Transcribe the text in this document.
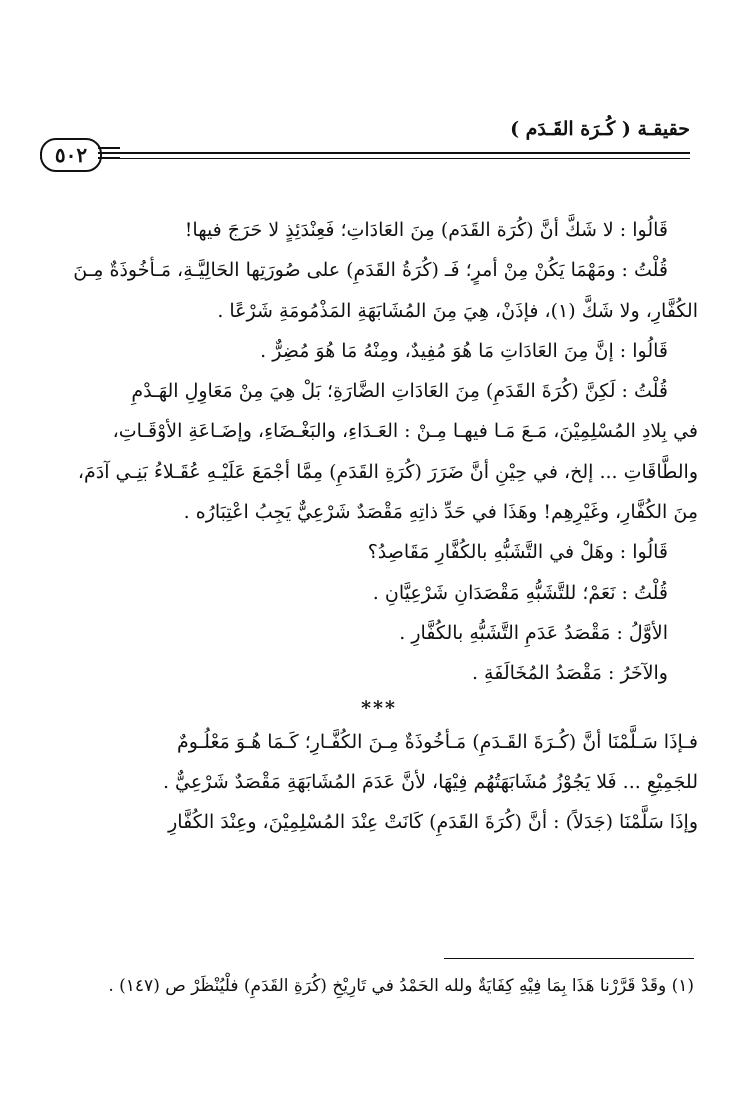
حقيقـة ( كُـرَة القَـدَم )
٥٠٢
قَالُوا : لا شَكَّ أنَّ (كُرَة القَدَم) مِنَ العَادَاتِ؛ فَعِنْدَئِذٍ لا حَرَجَ فيها!
قُلْتُ : ومَهْمَا يَكُنْ مِنْ أمرٍ؛ فَـ (كُرَةُ القَدَمِ) على صُورَتِها الحَالِيَّـةِ، مَـأخُوذَةٌ مِـنَ
الكُفَّارِ، ولا شَكَّ (١)، فإذَنْ، هِيَ مِنَ المُشَابَهَةِ المَذْمُومَةِ شَرْعًا .
قَالُوا : إنَّ مِنَ العَادَاتِ مَا هُوَ مُفِيدٌ، ومِنْهُ مَا هُوَ مُضِرٌّ .
قُلْتُ : لَكِنَّ (كُرَةَ القَدَمِ) مِنَ العَادَاتِ الضَّارَةِ؛ بَلْ هِيَ مِنْ مَعَاوِلِ الهَـدْمِ
في بِلادِ المُسْلِمِيْنَ، مَـعَ مَـا فيهـا مِـنْ : العَـدَاءِ، والبَغْـضَاءِ، وإضَـاعَةِ الأوْقَـاتِ،
والطَّاقَاتِ ... إلخ، في حِيْنِ أنَّ ضَرَرَ (كُرَةِ القَدَمِ) مِمَّا أجْمَعَ عَلَيْـهِ عُقَـلاءُ بَنِـي آدَمَ،
مِنَ الكُفَّارِ، وغَيْرِهِم! وهَذَا في حَدِّ ذاتِهِ مَقْصَدٌ شَرْعِيٌّ يَجِبُ اعْتِبَارُه .
قَالُوا : وهَلْ في التَّشَبُّهِ بالكُفَّارِ مَقَاصِدُ؟
قُلْتُ : نَعَمْ؛ للتَّشَبُّهِ مَقْصَدَانِ شَرْعِيَّانِ .
الأوَّلُ : مَقْصَدُ عَدَمِ التَّشَبُّهِ بالكُفَّارِ .
والآخَرُ : مَقْصَدُ المُخَالَفَةِ .
***
فـإذَا سَـلَّمْنَا أنَّ (كُـرَةَ القَـدَمِ) مَـأخُوذَةٌ مِـنَ الكُفَّـارِ؛ كَـمَا هُـوَ مَعْلُـومٌ
للجَمِيْعِ ... فَلا يَجُوْزُ مُشَابَهَتُهُم فِيْهَا، لأنَّ عَدَمَ المُشَابَهَةِ مَقْصَدٌ شَرْعِيٌّ .
وإذَا سَلَّمْنَا (جَدَلاً) : أنَّ (كُرَةَ القَدَمِ) كَانَتْ عِنْدَ المُسْلِمِيْنَ، وعِنْدَ الكُفَّارِ
(١) وقَدْ قَرَّرْنا هَذَا بِمَا فِيْهِ كِفَايَةٌ ولله الحَمْدُ في تَارِيْخِ (كُرَةِ القَدَمِ) فلْيُنْظَرْ ص (١٤٧) .
